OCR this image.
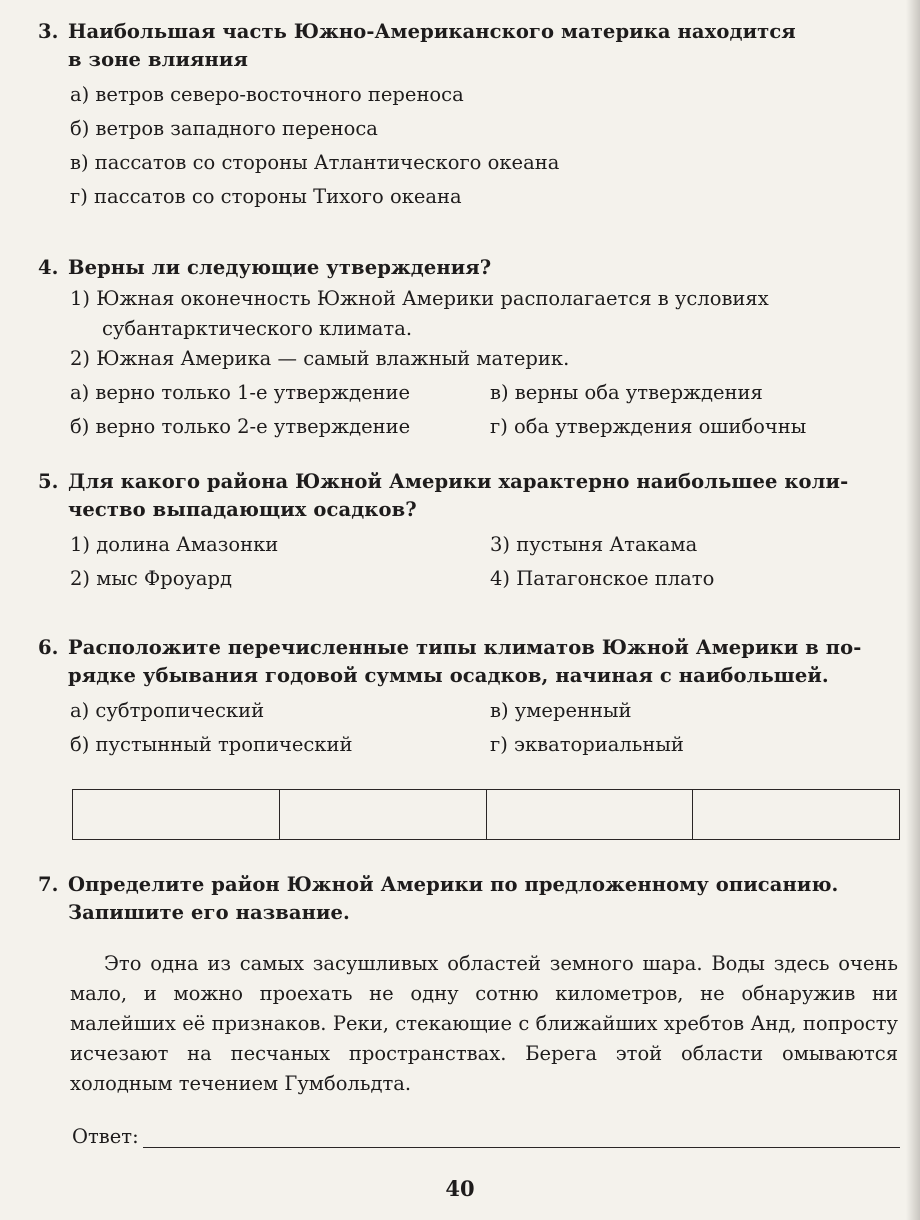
3. Наибольшая часть Южно-Американского материка находится
в зоне влияния
а) ветров северо-восточного переноса
б) ветров западного переноса
в) пассатов со стороны Атлантического океана
г) пассатов со стороны Тихого океана
4. Верны ли следующие утверждения?
1) Южная оконечность Южной Америки располагается в условиях
субантарктического климата.
2) Южная Америка — самый влажный материк.
а) верно только 1-е утверждение	в) верны оба утверждения
б) верно только 2-е утверждение	г) оба утверждения ошибочны
5. Для какого района Южной Америки характерно наибольшее коли-
чество выпадающих осадков?
1) долина Амазонки	3) пустыня Атакама
2) мыс Фроуард	4) Патагонское плато
6. Расположите перечисленные типы климатов Южной Америки в по-
рядке убывания годовой суммы осадков, начиная с наибольшей.
а) субтропический	в) умеренный
б) пустынный тропический	г) экваториальный
7. Определите район Южной Америки по предложенному описанию.
Запишите его название.
Это одна из самых засушливых областей земного шара. Воды здесь очень мало, и можно проехать не одну сотню километров, не обнаружив ни малейших её признаков. Реки, стекающие с ближайших хребтов Анд, попросту исчезают на песчаных пространствах. Берега этой области омываются холодным течением Гумбольдта.
Ответ:
40
